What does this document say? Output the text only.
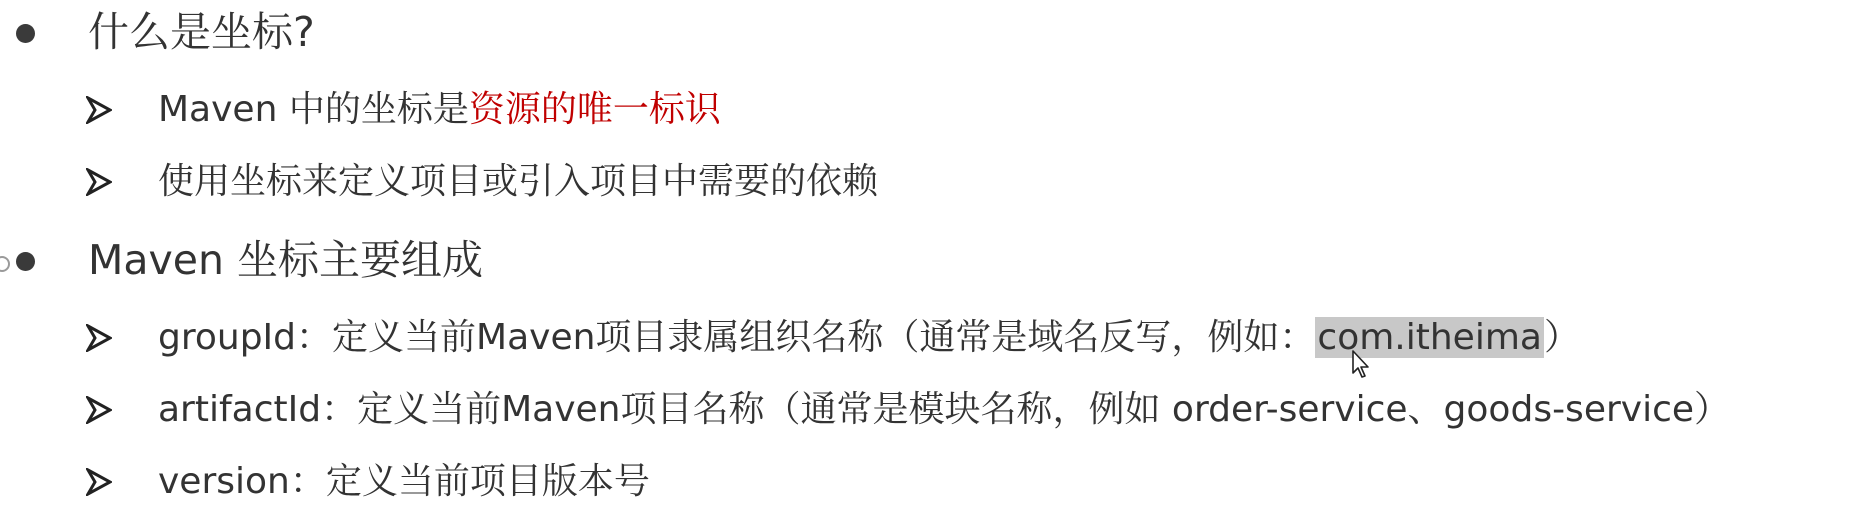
什么是坐标?
Maven 中的坐标是资源的唯一标识
使用坐标来定义项目或引入项目中需要的依赖
Maven 坐标主要组成
groupId：定义当前Maven项目隶属组织名称（通常是域名反写，例如：com.itheima）
artifactId：定义当前Maven项目名称（通常是模块名称，例如 order-service、goods-service）
version：定义当前项目版本号
